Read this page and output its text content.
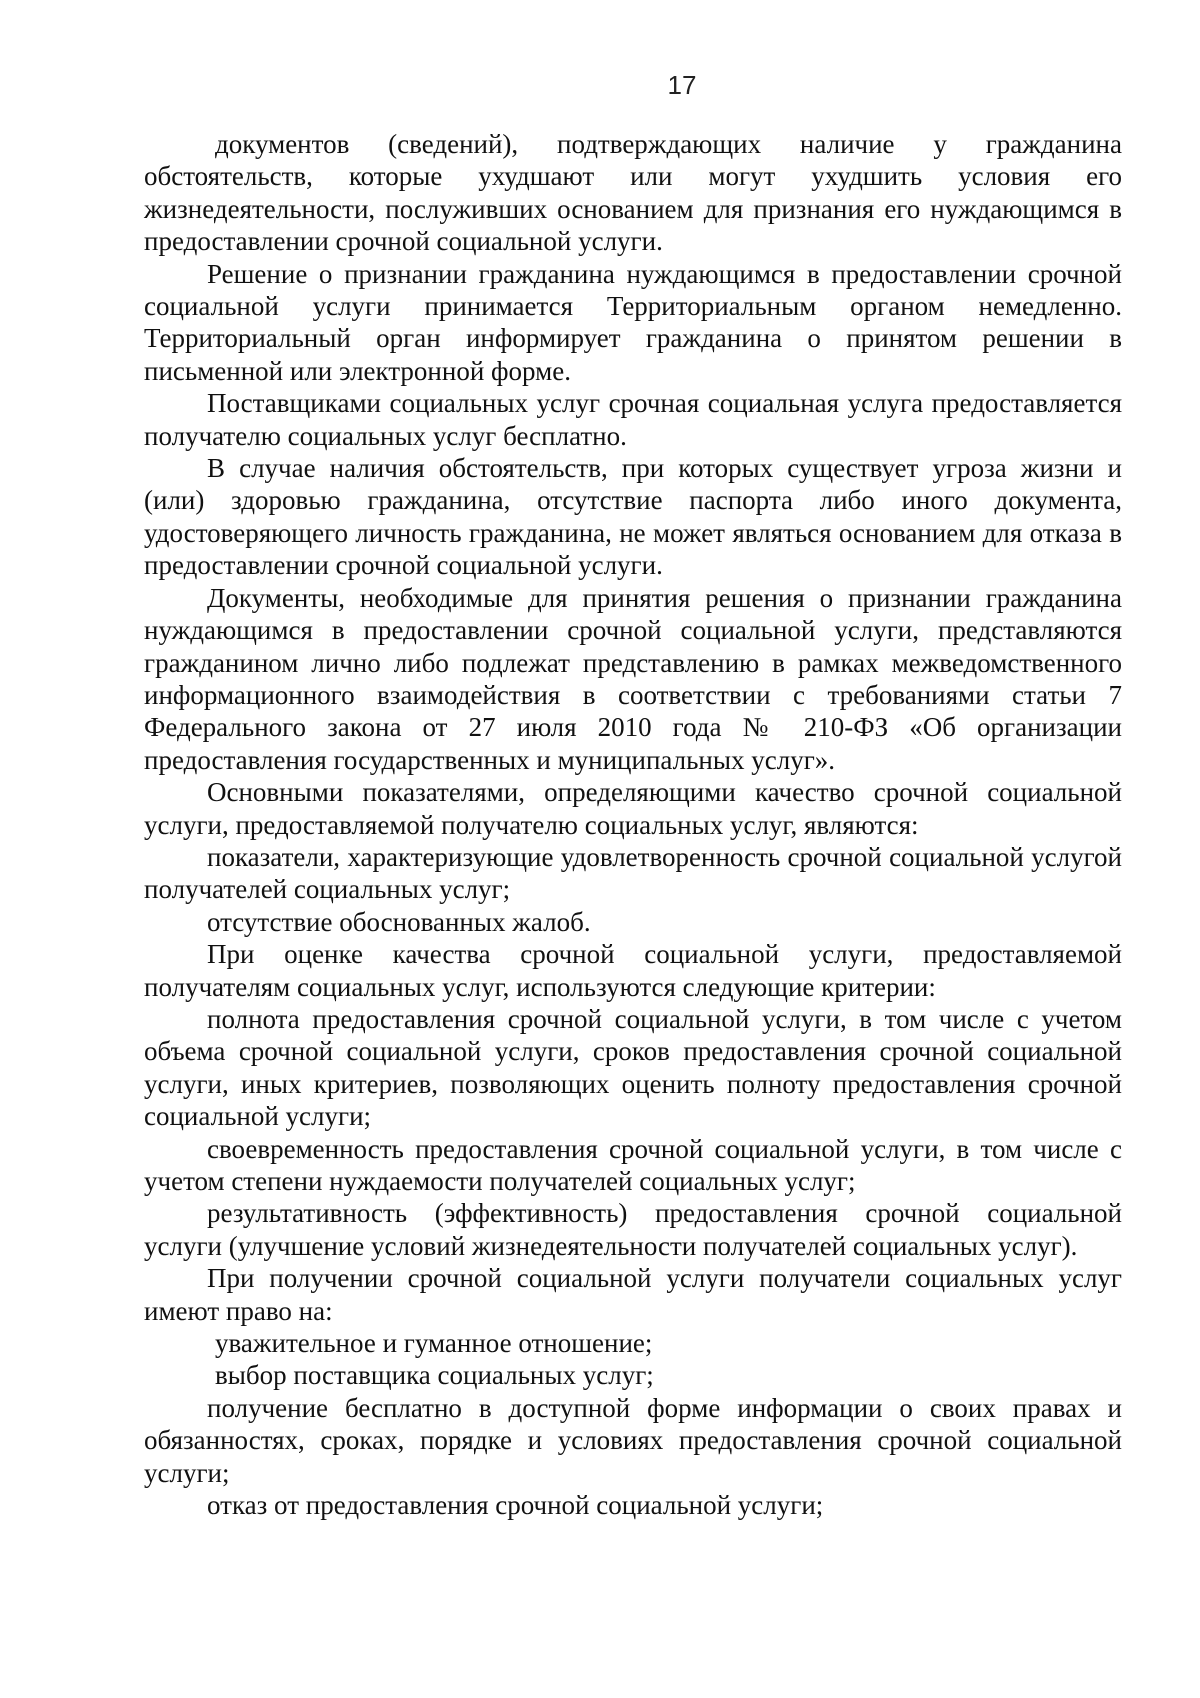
17

документов (сведений), подтверждающих наличие у гражданина обстоятельств, которые ухудшают или могут ухудшить условия его жизнедеятельности, послуживших основанием для признания его нуждающимся в предоставлении срочной социальной услуги.

Решение о признании гражданина нуждающимся в предоставлении срочной социальной услуги принимается Территориальным органом немедленно. Территориальный орган информирует гражданина о принятом решении в письменной или электронной форме.

Поставщиками социальных услуг срочная социальная услуга предоставляется получателю социальных услуг бесплатно.

В случае наличия обстоятельств, при которых существует угроза жизни и (или) здоровью гражданина, отсутствие паспорта либо иного документа, удостоверяющего личность гражданина, не может являться основанием для отказа в предоставлении срочной социальной услуги.

Документы, необходимые для принятия решения о признании гражданина нуждающимся в предоставлении срочной социальной услуги, представляются гражданином лично либо подлежат представлению в рамках межведомственного информационного взаимодействия в соответствии с требованиями статьи 7 Федерального закона от 27 июля 2010 года № 210-ФЗ «Об организации предоставления государственных и муниципальных услуг».

Основными показателями, определяющими качество срочной социальной услуги, предоставляемой получателю социальных услуг, являются:

показатели, характеризующие удовлетворенность срочной социальной услугой получателей социальных услуг;

отсутствие обоснованных жалоб.

При оценке качества срочной социальной услуги, предоставляемой получателям социальных услуг, используются следующие критерии:

полнота предоставления срочной социальной услуги, в том числе с учетом объема срочной социальной услуги, сроков предоставления срочной социальной услуги, иных критериев, позволяющих оценить полноту предоставления срочной социальной услуги;

своевременность предоставления срочной социальной услуги, в том числе с учетом степени нуждаемости получателей социальных услуг;

результативность (эффективность) предоставления срочной социальной услуги (улучшение условий жизнедеятельности получателей социальных услуг).

При получении срочной социальной услуги получатели социальных услуг имеют право на:

уважительное и гуманное отношение;

выбор поставщика социальных услуг;

получение бесплатно в доступной форме информации о своих правах и обязанностях, сроках, порядке и условиях предоставления срочной социальной услуги;

отказ от предоставления срочной социальной услуги;
